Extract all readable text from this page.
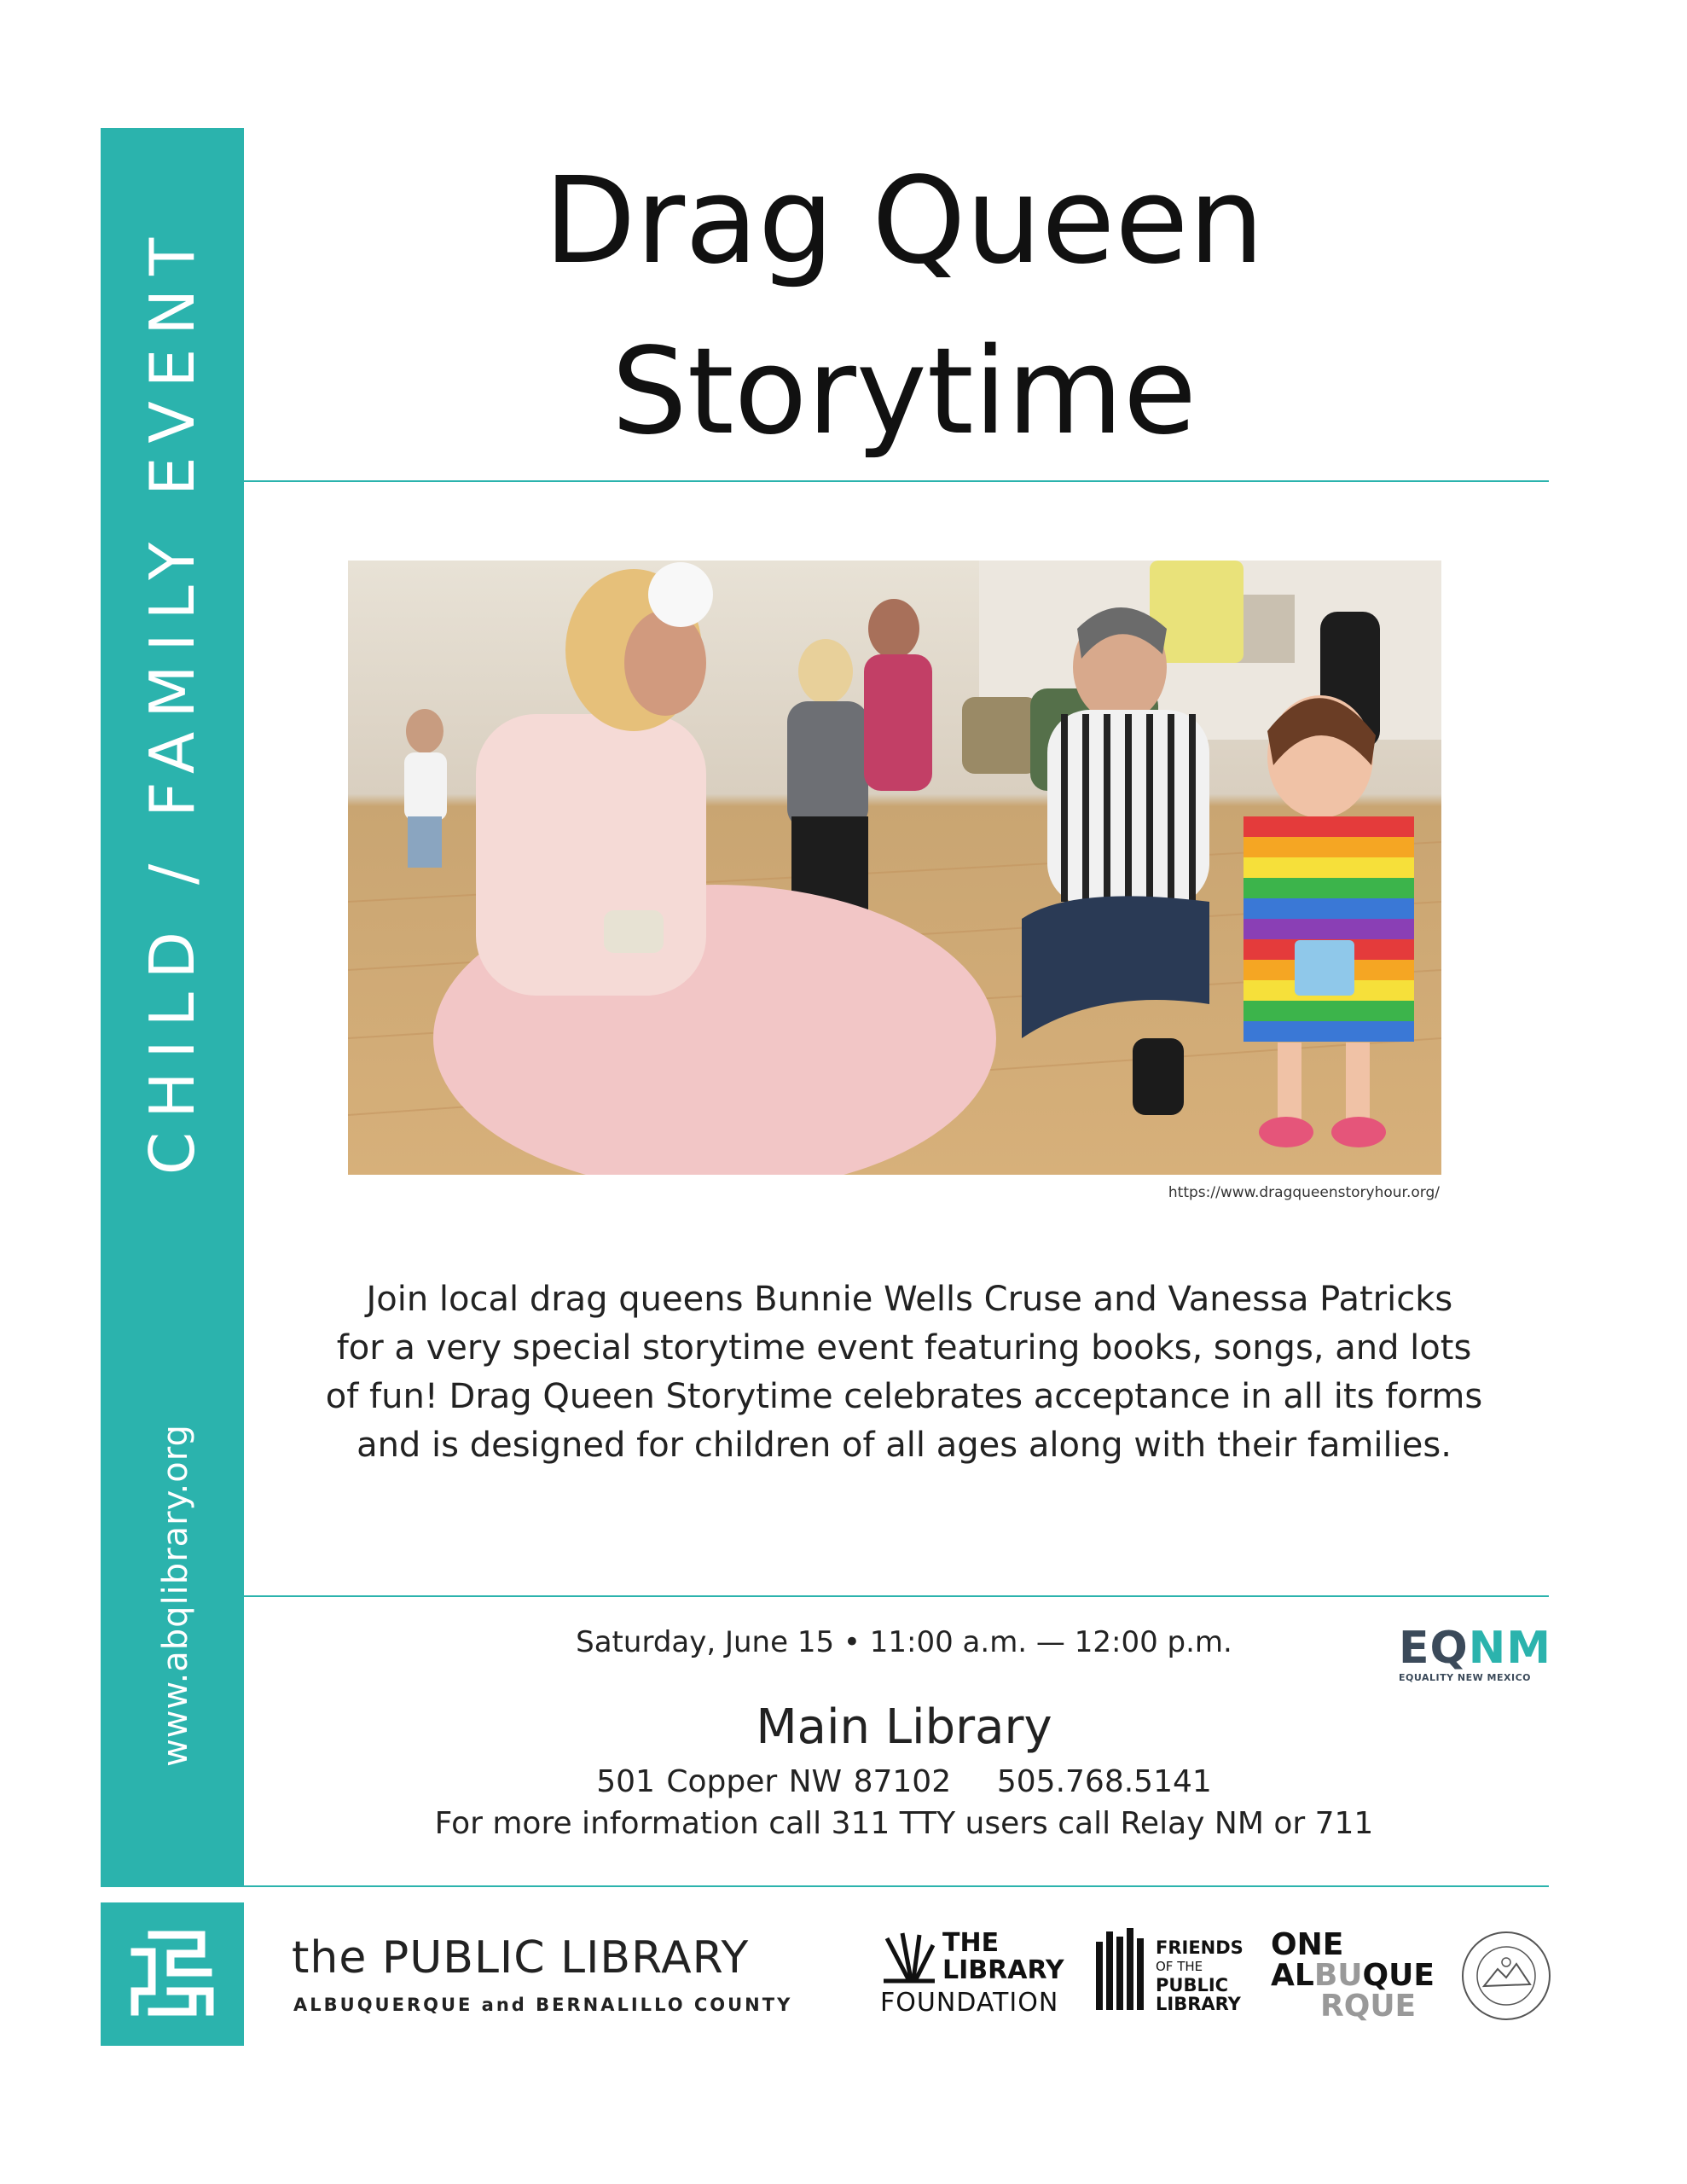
CHILD / FAMILY EVENT
www.abqlibrary.org
Drag Queen
Storytime
https://www.dragqueenstoryhour.org/
Join local drag queens Bunnie Wells Cruse and Vanessa Patricks
for a very special storytime event featuring books, songs, and lots
of fun! Drag Queen Storytime celebrates acceptance in all its forms
and is designed for children of all ages along with their families.
Saturday, June 15 • 11:00 a.m. — 12:00 p.m.
Main Library
501 Copper NW 87102    505.768.5141
For more information call 311 TTY users call Relay NM or 711
EQNM
EQUALITY NEW MEXICO
the PUBLIC LIBRARY
ALBUQUERQUE and BERNALILLO COUNTY
THE
LIBRARY
FOUNDATION
FRIENDS
OF THE
PUBLIC
LIBRARY
ONE
ALBUQUE
RQUE
